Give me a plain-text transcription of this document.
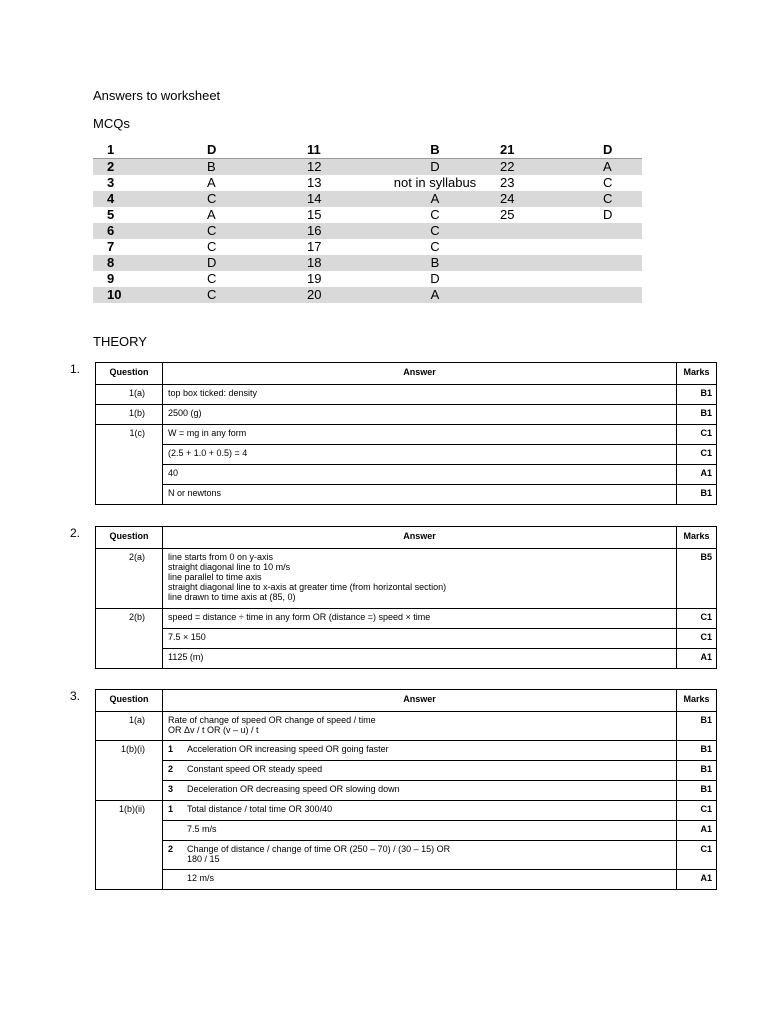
Answers to worksheet
MCQs
1	D	11	B	21	D
2	B	12	D	22	A
3	A	13	not in syllabus	23	C
4	C	14	A	24	C
5	A	15	C	25	D
6	C	16	C		
7	C	17	C		
8	D	18	B		
9	C	19	D		
10	C	20	A		
THEORY
1.	Question	Answer	Marks
1(a)	top box ticked: density	B1
1(b)	2500 (g)	B1
1(c)	W = mg in any form	C1
	(2.5 + 1.0 + 0.5) = 4	C1
	40	A1
	N or newtons	B1
2.	Question	Answer	Marks
2(a)	line starts from 0 on y-axis
straight diagonal line to 10 m/s
line parallel to time axis
straight diagonal line to x-axis at greater time (from horizontal section)
line drawn to time axis at (85, 0)	B5
2(b)	speed = distance ÷ time in any form OR (distance =) speed × time	C1
	7.5 × 150	C1
	1125 (m)	A1
3.	Question	Answer	Marks
1(a)	Rate of change of speed OR change of speed / time
OR Δv / t OR (v – u) / t	B1
1(b)(i)	1 Acceleration OR increasing speed OR going faster	B1
	2 Constant speed OR steady speed	B1
	3 Deceleration OR decreasing speed OR slowing down	B1
1(b)(ii)	1 Total distance / total time OR 300/40	C1
	7.5 m/s	A1
	2 Change of distance / change of time OR (250 – 70) / (30 – 15) OR
180 / 15	C1
	12 m/s	A1
